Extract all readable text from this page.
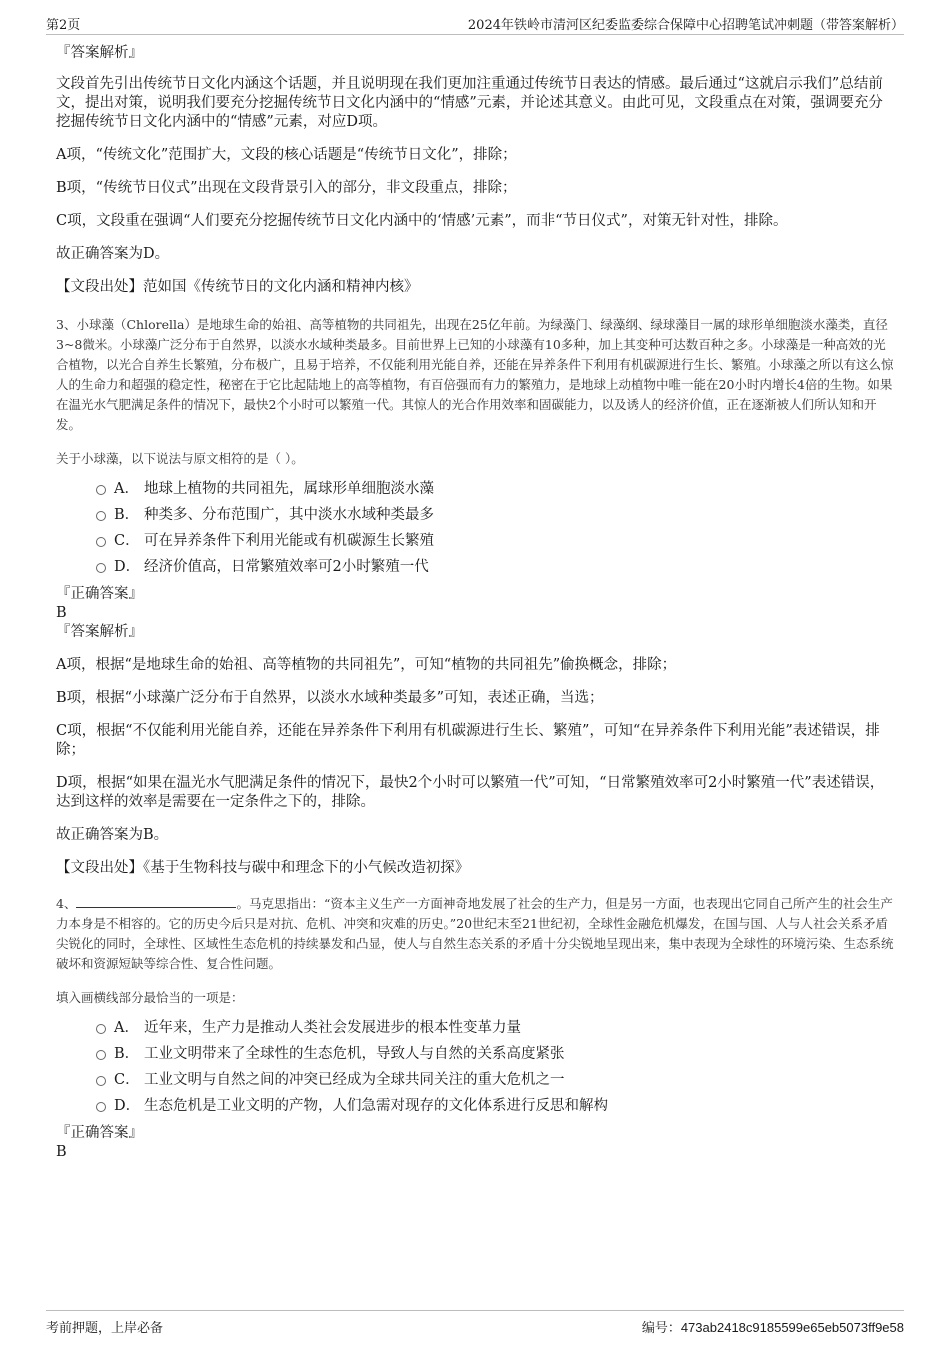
第2页	2024年铁岭市清河区纪委监委综合保障中心招聘笔试冲刺题（带答案解析）
『答案解析』

文段首先引出传统节日文化内涵这个话题，并且说明现在我们更加注重通过传统节日表达的情感。最后通过“这就启示我们”总结前文，提出对策，说明我们要充分挖掘传统节日文化内涵中的“情感”元素，并论述其意义。由此可见，文段重点在对策，强调要充分挖掘传统节日文化内涵中的“情感”元素，对应D项。

A项，“传统文化”范围扩大，文段的核心话题是“传统节日文化”，排除；

B项，“传统节日仪式”出现在文段背景引入的部分，非文段重点，排除；

C项，文段重在强调“人们要充分挖掘传统节日文化内涵中的‘情感’元素”，而非“节日仪式”，对策无针对性，排除。

故正确答案为D。

【文段出处】范如国《传统节日的文化内涵和精神内核》

3、小球藻（Chlorella）是地球生命的始祖、高等植物的共同祖先，出现在25亿年前。为绿藻门、绿藻纲、绿球藻目一属的球形单细胞淡水藻类，直径3~8微米。小球藻广泛分布于自然界，以淡水水域种类最多。目前世界上已知的小球藻有10多种，加上其变种可达数百种之多。小球藻是一种高效的光合植物，以光合自养生长繁殖，分布极广，且易于培养，不仅能利用光能自养，还能在异养条件下利用有机碳源进行生长、繁殖。小球藻之所以有这么惊人的生命力和超强的稳定性，秘密在于它比起陆地上的高等植物，有百倍强而有力的繁殖力，是地球上动植物中唯一能在20小时内增长4倍的生物。如果在温光水气肥满足条件的情况下，最快2个小时可以繁殖一代。其惊人的光合作用效率和固碳能力，以及诱人的经济价值，正在逐渐被人们所认知和开发。

关于小球藻，以下说法与原文相符的是（ ）。

A． 地球上植物的共同祖先，属球形单细胞淡水藻
B． 种类多、分布范围广，其中淡水水域种类最多
C． 可在异养条件下利用光能或有机碳源生长繁殖
D． 经济价值高，日常繁殖效率可2小时繁殖一代
『正确答案』
B
『答案解析』

A项，根据“是地球生命的始祖、高等植物的共同祖先”，可知“植物的共同祖先”偷换概念，排除；

B项，根据“小球藻广泛分布于自然界，以淡水水域种类最多”可知，表述正确，当选；

C项，根据“不仅能利用光能自养，还能在异养条件下利用有机碳源进行生长、繁殖”，可知“在异养条件下利用光能”表述错误，排除；

D项，根据“如果在温光水气肥满足条件的情况下，最快2个小时可以繁殖一代”可知，“日常繁殖效率可2小时繁殖一代”表述错误，达到这样的效率是需要在一定条件之下的，排除。

故正确答案为B。

【文段出处】《基于生物科技与碳中和理念下的小气候改造初探》

4、	。马克思指出：“资本主义生产一方面神奇地发展了社会的生产力，但是另一方面，也表现出它同自己所产生的社会生产力本身是不相容的。它的历史今后只是对抗、危机、冲突和灾难的历史。”20世纪末至21世纪初，全球性金融危机爆发，在国与国、人与人社会关系矛盾尖锐化的同时，全球性、区域性生态危机的持续暴发和凸显，使人与自然生态关系的矛盾十分尖锐地呈现出来，集中表现为全球性的环境污染、生态系统破坏和资源短缺等综合性、复合性问题。

填入画横线部分最恰当的一项是：

A． 近年来，生产力是推动人类社会发展进步的根本性变革力量
B． 工业文明带来了全球性的生态危机，导致人与自然的关系高度紧张
C． 工业文明与自然之间的冲突已经成为全球共同关注的重大危机之一
D． 生态危机是工业文明的产物，人们急需对现存的文化体系进行反思和解构
『正确答案』
B
考前押题，上岸必备	编号：473ab2418c9185599e65eb5073ff9e58
